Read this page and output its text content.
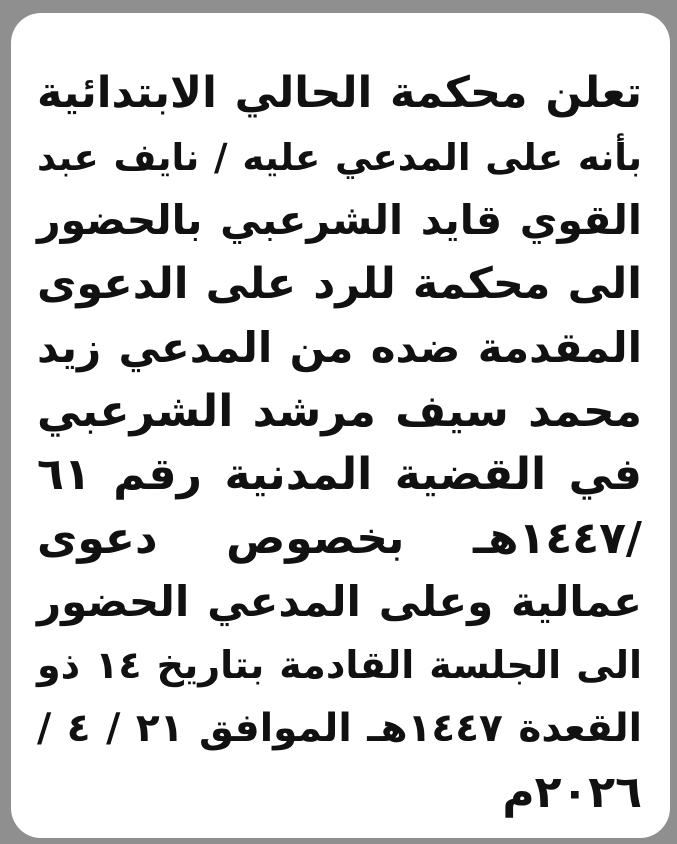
تعلن محكمة الحالي الابتدائية
بأنه على المدعي عليه / نايف عبد
القوي قايد الشرعبي بالحضور
الى محكمة للرد على الدعوى
المقدمة ضده من المدعي زيد
محمد سيف مرشد الشرعبي
في القضية المدنية رقم ٦١
/١٤٤٧هـ بخصوص دعوى
عمالية وعلى المدعي الحضور
الى الجلسة القادمة بتاريخ ١٤ ذو
القعدة ١٤٤٧هـ الموافق ٢١ / ٤ /
٢٠٢٦م
